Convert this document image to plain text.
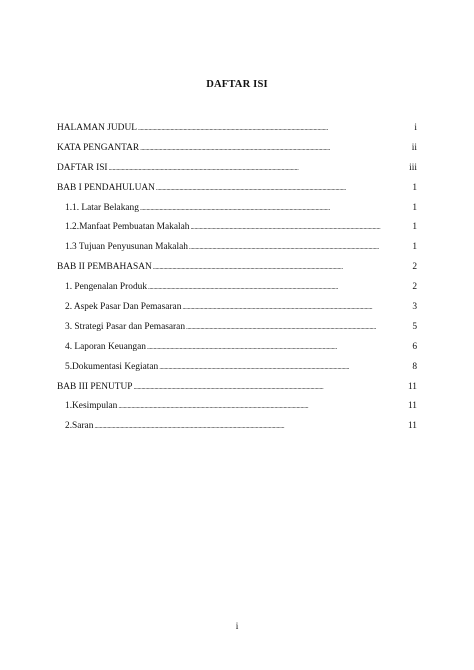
DAFTAR ISI
HALAMAN JUDUL . . .	i
KATA PENGANTAR . . .	ii
DAFTAR ISI . . .	iii
BAB I PENDAHULUAN . . .	1
1.1. Latar Belakang . . .	1
1.2.Manfaat Pembuatan Makalah . . .	1
1.3 Tujuan Penyusunan Makalah . . .	1
BAB II PEMBAHASAN . . .	2
1. Pengenalan Produk . . .	2
2. Aspek Pasar Dan Pemasaran . . .	3
3. Strategi Pasar dan Pemasaran . . .	5
4. Laporan Keuangan . . .	6
5.Dokumentasi Kegiatan . . .	8
BAB III PENUTUP . . .	11
1.Kesimpulan . . .	11
2.Saran . . .	11
i
